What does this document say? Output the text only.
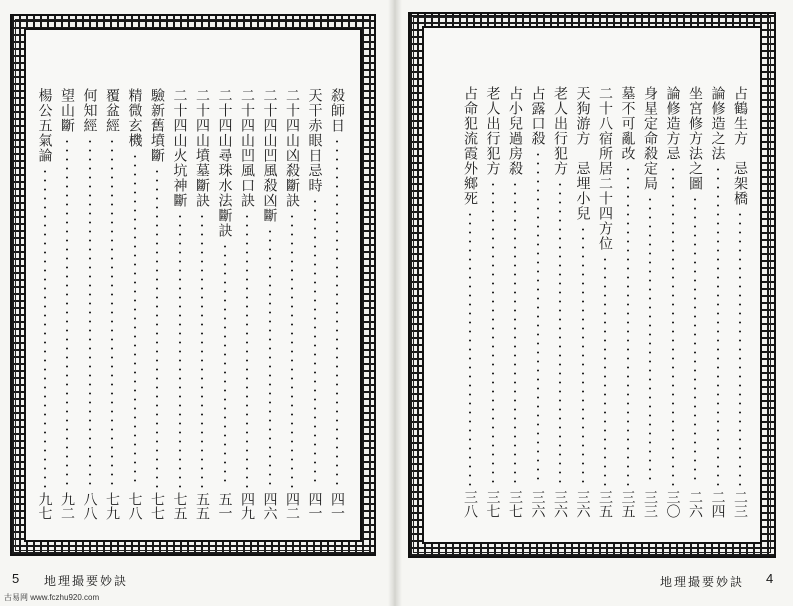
殺師日
四一
天干赤眼日忌時
四一
二十四山凶殺斷訣
四二
二十四山凹風殺凶斷
四六
二十四山凹風口訣
四九
二十四山尋珠水法斷訣
五一
二十四山墳墓斷訣
五五
二十四山火坑神斷
七五
驗新舊墳斷
七七
精微玄機
七八
覆盆經
七九
何知經
八八
望山斷
九二
楊公五氣論
九七
5 地理撮要妙訣
古易网 www.fczhu920.com
占鶴生方　忌架橋
二三
論修造之法
二四
坐宮修方法之圖
二六
論修造方忌
三〇
身星定命殺定局
三三
墓不可亂改
三五
二十八宿所居二十四方位
三五
天狗游方　忌埋小兒
三六
老人出行犯方
三六
占露口殺
三六
占小兒過房殺
三七
老人出行犯方
三七
占命犯流霞外鄉死
三八
地理撮要妙訣 4
